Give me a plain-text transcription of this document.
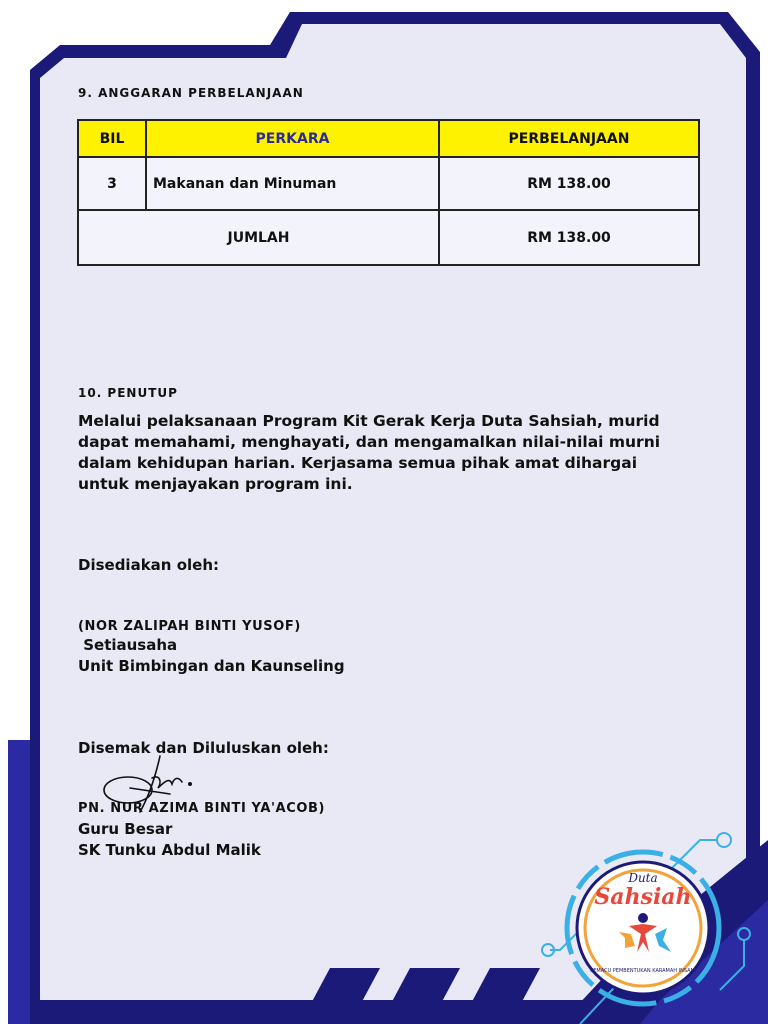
9. ANGGARAN PERBELANJAAN
BIL	PERKARA	PERBELANJAAN
3	Makanan dan Minuman	RM 138.00
JUMLAH		RM 138.00
10. PENUTUP
Melalui pelaksanaan Program Kit Gerak Kerja Duta Sahsiah, murid
dapat memahami, menghayati, dan mengamalkan nilai-nilai murni
dalam kehidupan harian. Kerjasama semua pihak amat dihargai
untuk menjayakan program ini.
Disediakan oleh:
(NOR ZALIPAH BINTI YUSOF)
Setiausaha
Unit Bimbingan dan Kaunseling
Disemak dan Diluluskan oleh:
PN. NUR AZIMA BINTI YA'ACOB)
Guru Besar
SK Tunku Abdul Malik
Duta
Sahsiah
PEMACU PEMBENTUKAN KARAMAH INSANI
